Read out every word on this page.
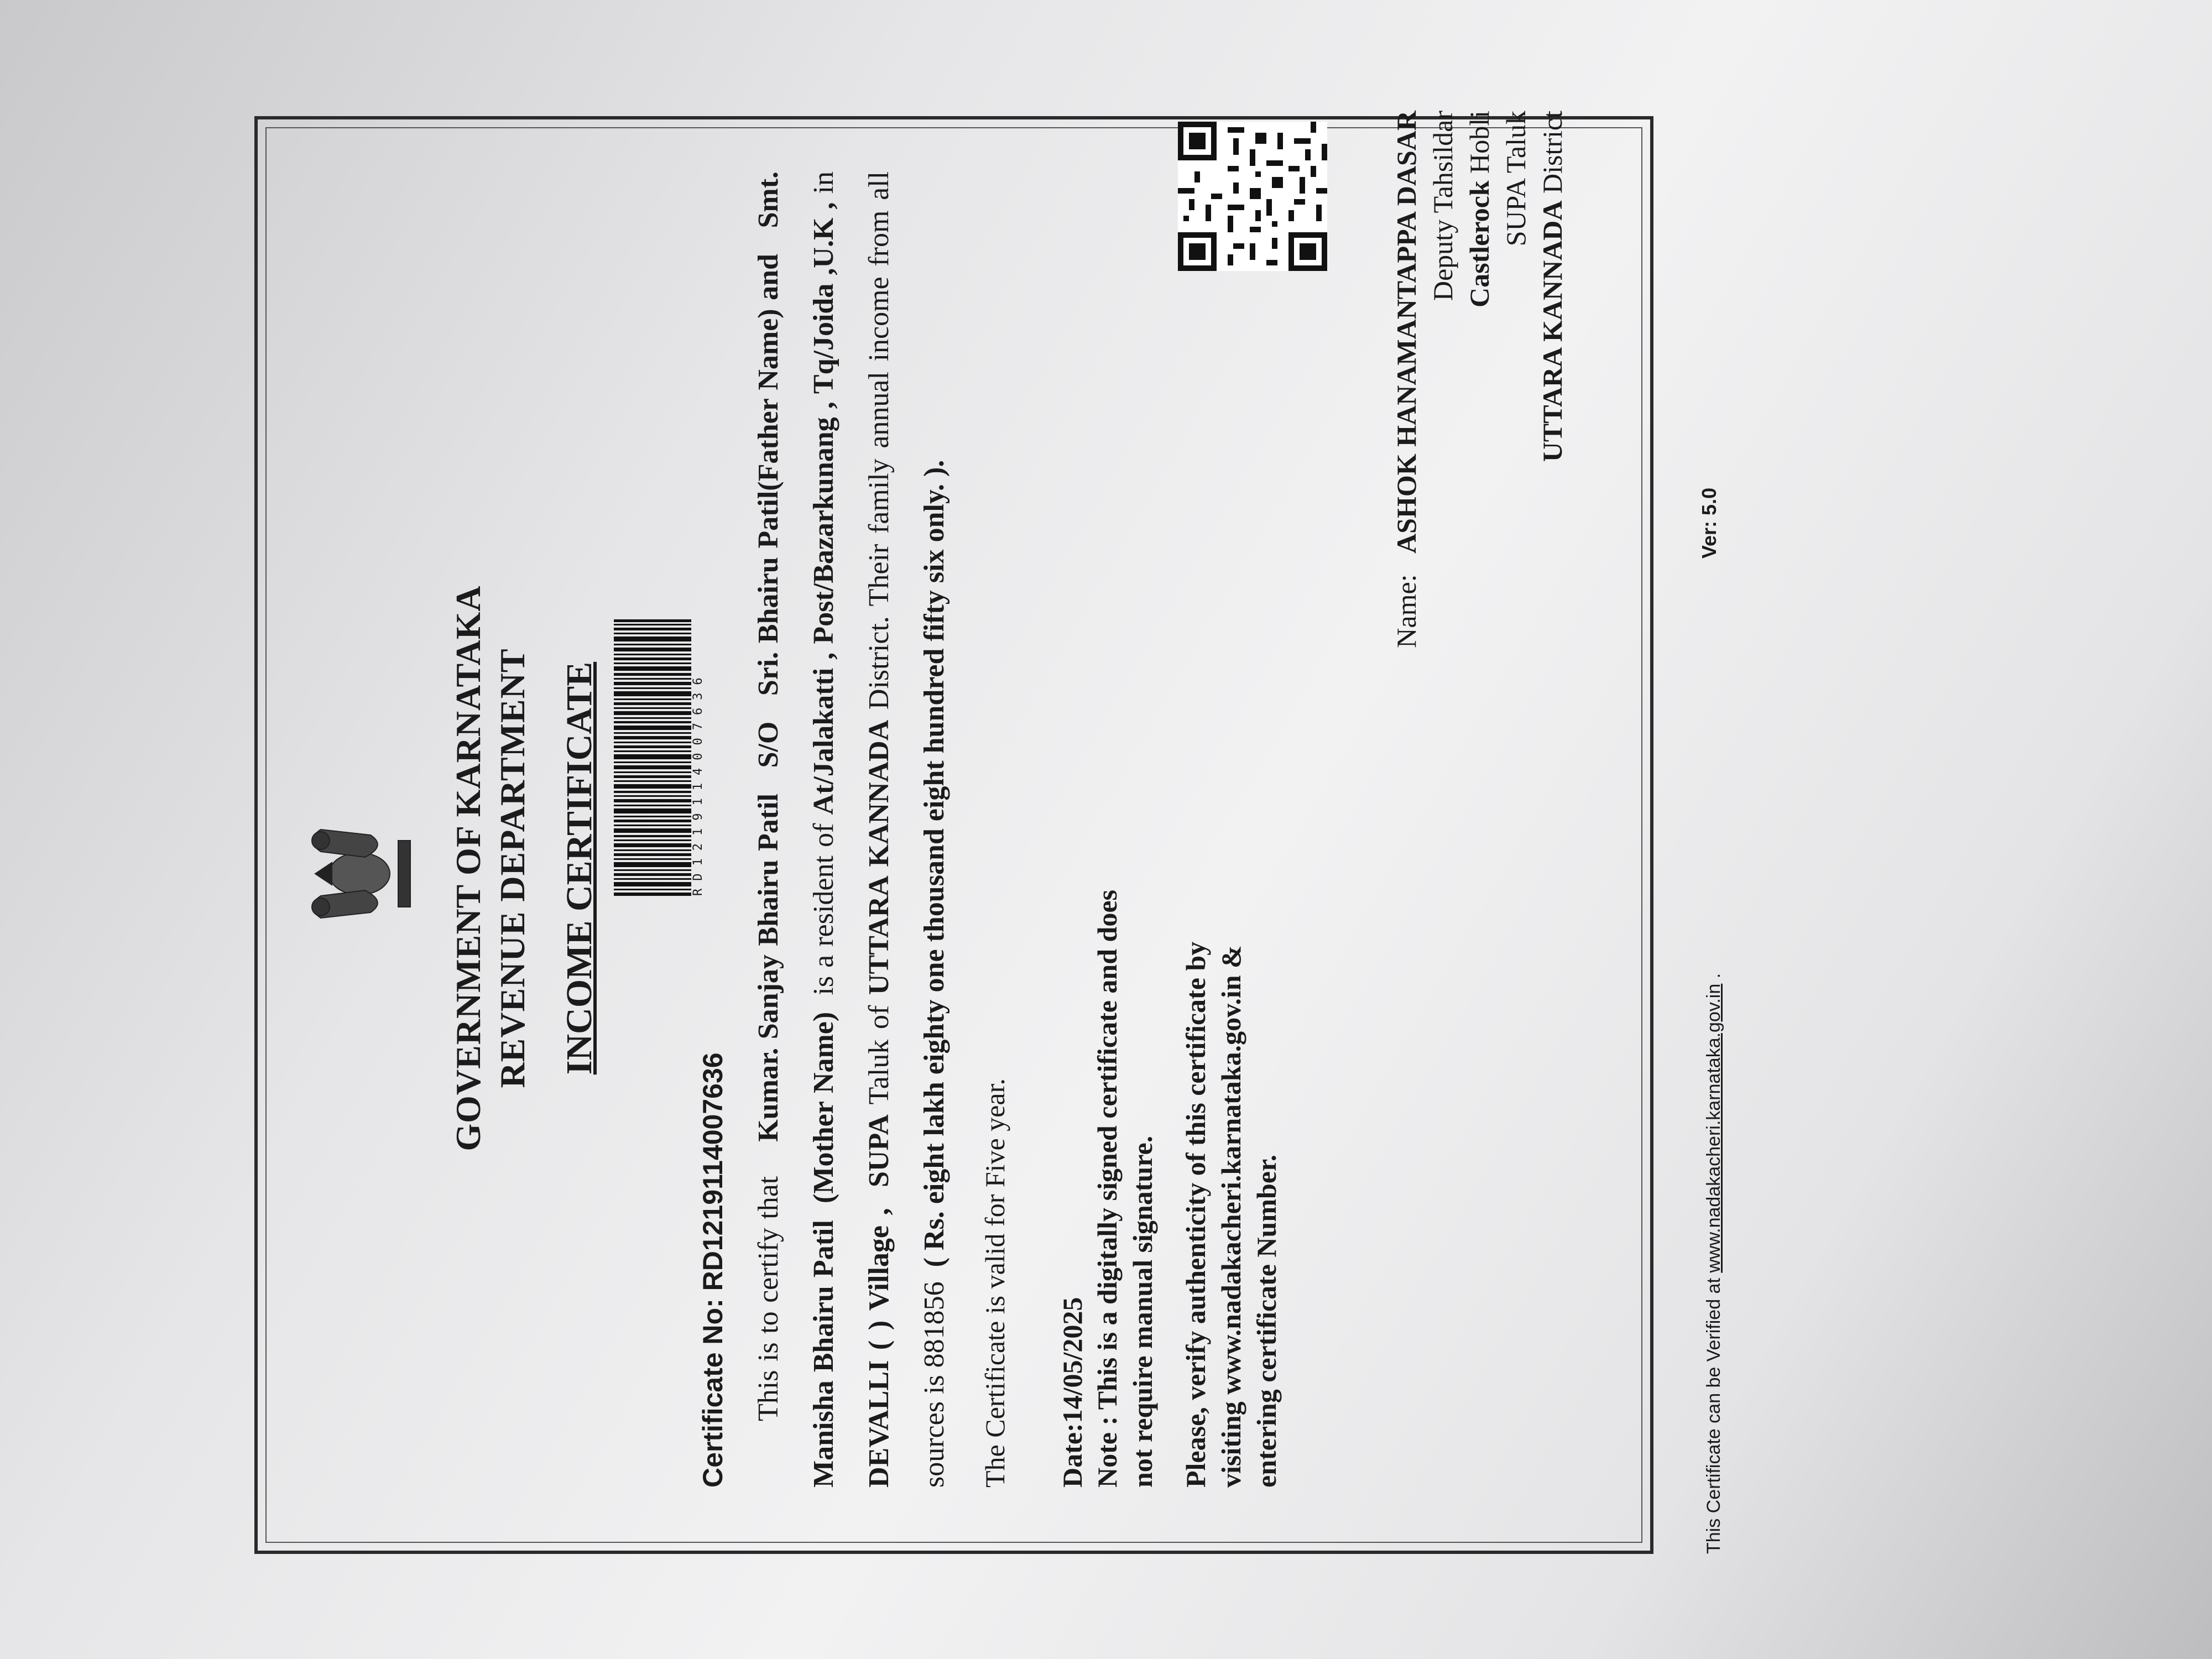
GOVERNMENT OF KARNATAKA REVENUE DEPARTMENT INCOME CERTIFICATE	RD1219114007636
Certificate No: RD1219114007636
This is to certify that    Kumar. Sanjay Bhairu Patil   S/O   Sri. Bhairu Patil(Father Name) and   Smt. Manisha Bhairu Patil  (Mother Name)  is a resident of At/Jalakatti , Post/Bazarkunang , Tq/Joida ,U.K , in DEVALLI ( ) Village ,  SUPA Taluk of UTTARA KANNADA District. Their family annual income from all sources is 881856  ( Rs. eight lakh eighty one thousand eight hundred fifty six only. ).
The Certificate is valid for Five year. Date:14/05/2025 Note : This is a digitally signed certificate and does not require manual signature. Please, verify authenticity of this certificate by visiting www.nadakacheri.karnataka.gov.in & entering certificate Number.
Name:   ASHOK HANAMANTAPPA DASAR Deputy Tahsildar Castlerock Hobli
SUPA Taluk
UTTARA KANNADA District
This Certificate can be Verified at www.nadakacheri.karnataka.gov.in .
Ver: 5.0
